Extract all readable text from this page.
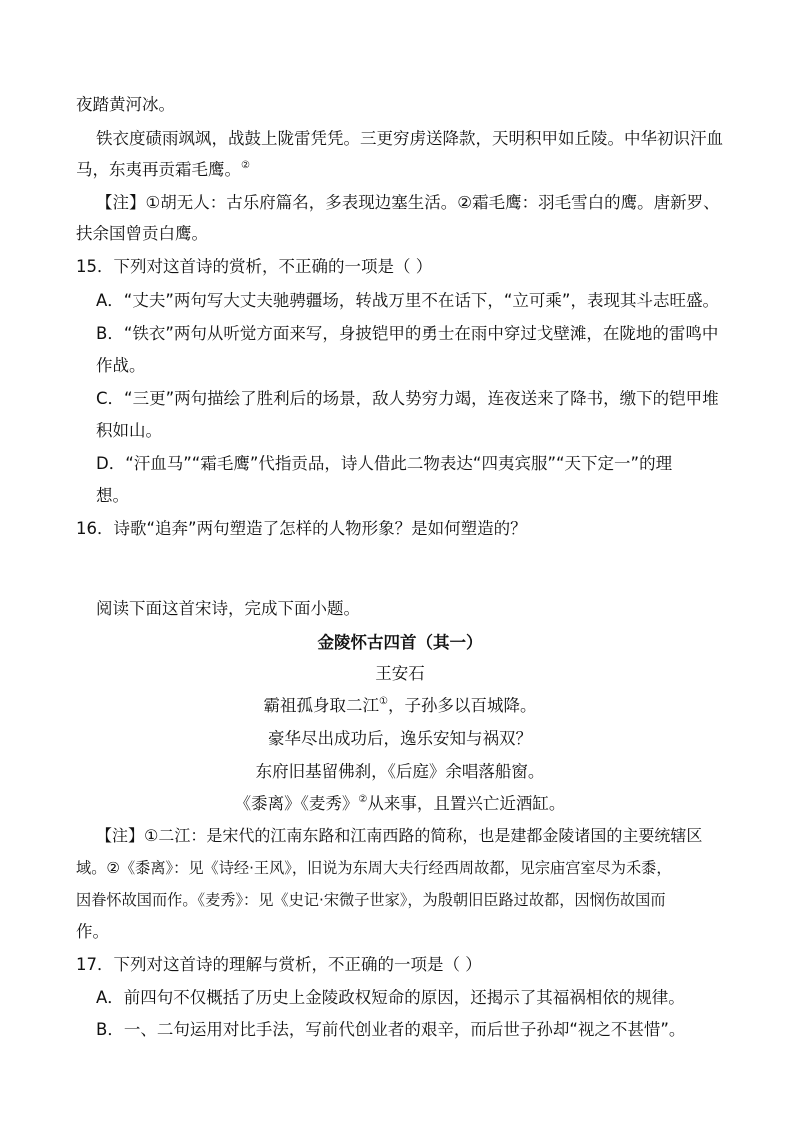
夜踏黄河冰。
铁衣度碛雨飒飒，战鼓上陇雷凭凭。三更穷虏送降款，天明积甲如丘陵。中华初识汗血
马，东夷再贡霜毛鹰。②
【注】①胡无人：古乐府篇名，多表现边塞生活。②霜毛鹰：羽毛雪白的鹰。唐新罗、
扶余国曾贡白鹰。
15．下列对这首诗的赏析，不正确的一项是（ ）
A．“丈夫”两句写大丈夫驰骋疆场，转战万里不在话下，“立可乘”，表现其斗志旺盛。
B．“铁衣”两句从听觉方面来写，身披铠甲的勇士在雨中穿过戈壁滩，在陇地的雷鸣中
作战。
C．“三更”两句描绘了胜利后的场景，敌人势穷力竭，连夜送来了降书，缴下的铠甲堆
积如山。
D．“汗血马”“霜毛鹰”代指贡品，诗人借此二物表达“四夷宾服”“天下定一”的理
想。
16．诗歌“追奔”两句塑造了怎样的人物形象？是如何塑造的？
阅读下面这首宋诗，完成下面小题。
金陵怀古四首（其一）
王安石
霸祖孤身取二江①，子孙多以百城降。
豪华尽出成功后，逸乐安知与祸双？
东府旧基留佛刹，《后庭》余唱落船窗。
《黍离》《麦秀》②从来事，且置兴亡近酒缸。
【注】①二江：是宋代的江南东路和江南西路的简称，也是建都金陵诸国的主要统辖区
域。②《黍离》：见《诗经·王风》，旧说为东周大夫行经西周故都，见宗庙宫室尽为禾黍，
因眷怀故国而作。《麦秀》：见《史记·宋微子世家》，为殷朝旧臣路过故都，因悯伤故国而
作。
17．下列对这首诗的理解与赏析，不正确的一项是（ ）
A．前四句不仅概括了历史上金陵政权短命的原因，还揭示了其福祸相依的规律。
B．一、二句运用对比手法，写前代创业者的艰辛，而后世子孙却“视之不甚惜”。
